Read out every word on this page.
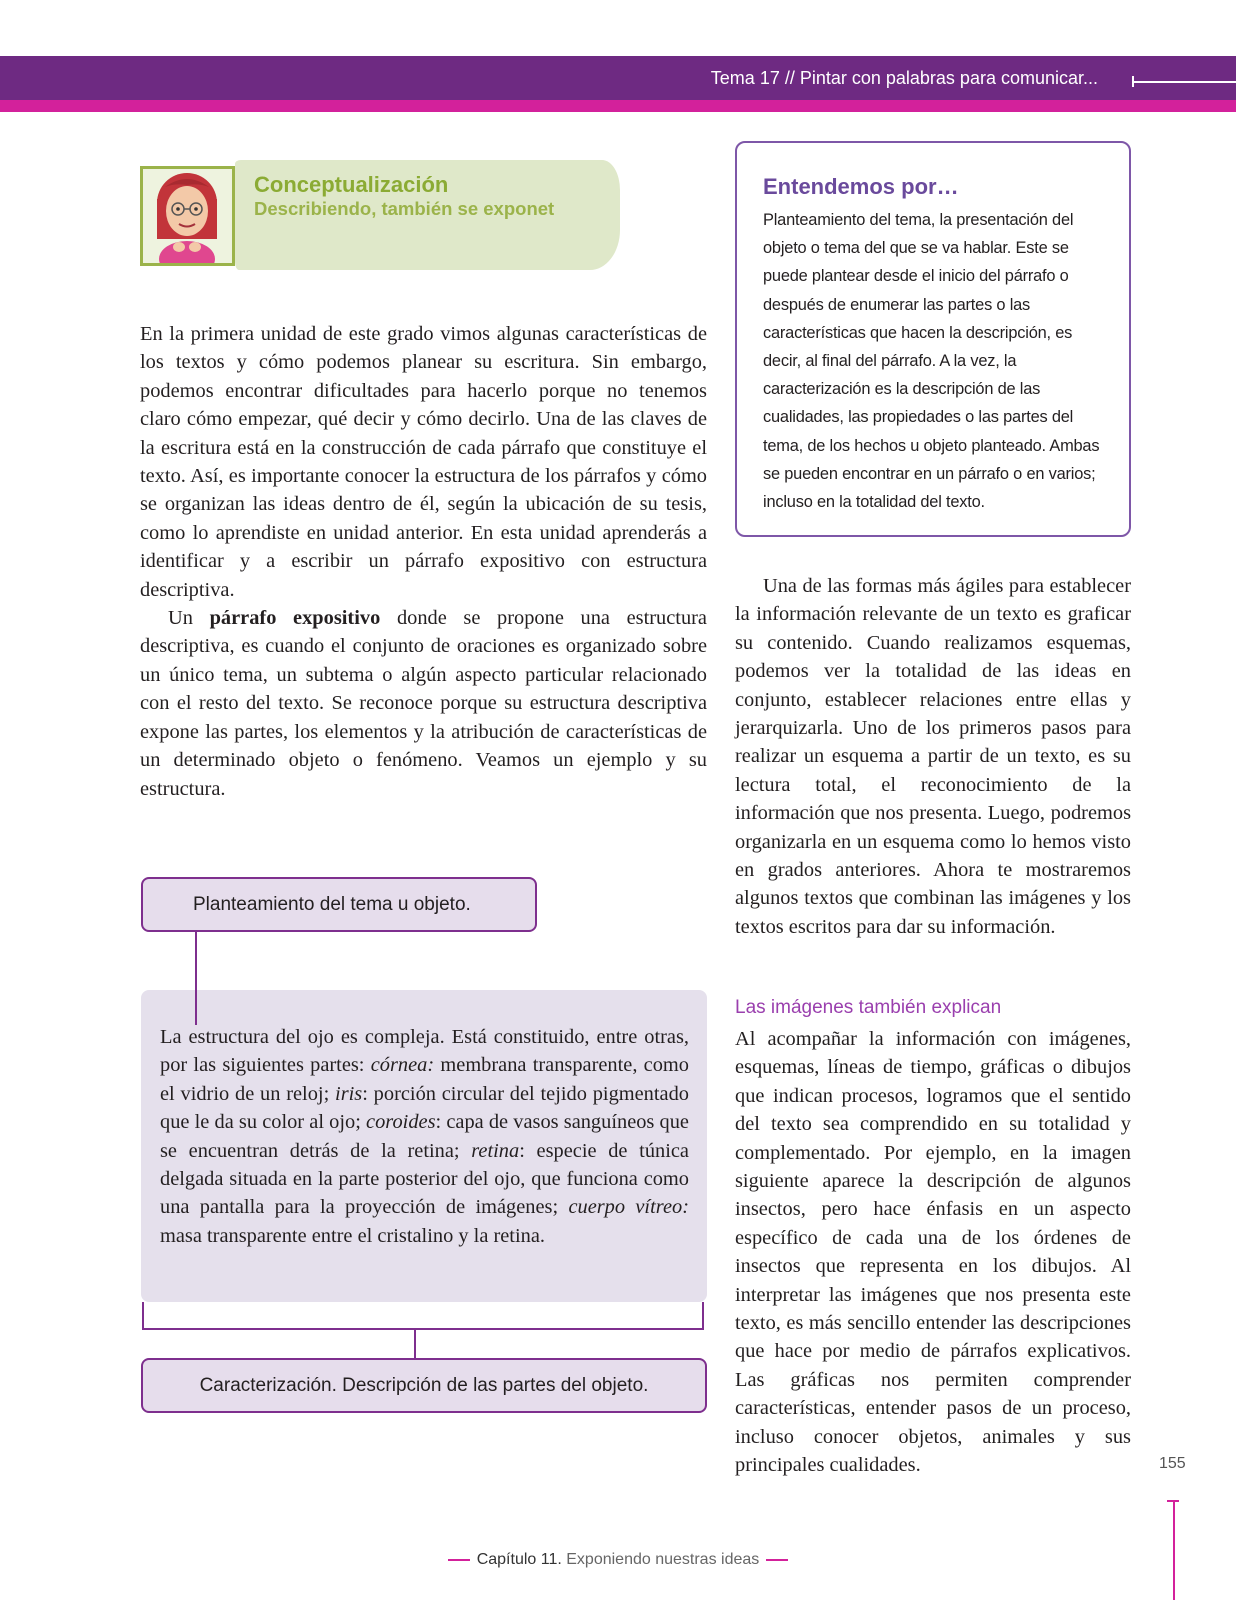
Tema 17 // Pintar con palabras para comunicar...
Conceptualización
Describiendo, también se exponet

En la primera unidad de este grado vimos algunas características de los textos y cómo podemos planear su escritura. Sin embargo, podemos encontrar dificultades para hacerlo porque no tenemos claro cómo empezar, qué decir y cómo decirlo. Una de las claves de la escritura está en la construcción de cada párrafo que constituye el texto. Así, es importante conocer la estructura de los párrafos y cómo se organizan las ideas dentro de él, según la ubicación de su tesis, como lo aprendiste en unidad anterior. En esta unidad aprenderás a identificar y a escribir un párrafo expositivo con estructura descriptiva.

Un párrafo expositivo donde se propone una estructura descriptiva, es cuando el conjunto de oraciones es organizado sobre un único tema, un subtema o algún aspecto particular relacionado con el resto del texto. Se reconoce porque su estructura descriptiva expone las partes, los elementos y la atribución de características de un determinado objeto o fenómeno. Veamos un ejemplo y su estructura.

Planteamiento del tema u objeto.

La estructura del ojo es compleja. Está constituido, entre otras, por las siguientes partes: córnea: membrana transparente, como el vidrio de un reloj; iris: porción circular del tejido pigmentado que le da su color al ojo; coroides: capa de vasos sanguíneos que se encuentran detrás de la retina; retina: especie de túnica delgada situada en la parte posterior del ojo, que funciona como una pantalla para la proyección de imágenes; cuerpo vítreo: masa transparente entre el cristalino y la retina.

Caracterización. Descripción de las partes del objeto.
Entendemos por…

Planteamiento del tema, la presentación del objeto o tema del que se va hablar. Este se puede plantear desde el inicio del párrafo o después de enumerar las partes o las características que hacen la descripción, es decir, al final del párrafo. A la vez, la caracterización es la descripción de las cualidades, las propiedades o las partes del tema, de los hechos u objeto planteado. Ambas se pueden encontrar en un párrafo o en varios; incluso en la totalidad del texto.

Una de las formas más ágiles para establecer la información relevante de un texto es graficar su contenido. Cuando realizamos esquemas, podemos ver la totalidad de las ideas en conjunto, establecer relaciones entre ellas y jerarquizarla. Uno de los primeros pasos para realizar un esquema a partir de un texto, es su lectura total, el reconocimiento de la información que nos presenta. Luego, podremos organizarla en un esquema como lo hemos visto en grados anteriores. Ahora te mostraremos algunos textos que combinan las imágenes y los textos escritos para dar su información.

Las imágenes también explican

Al acompañar la información con imágenes, esquemas, líneas de tiempo, gráficas o dibujos que indican procesos, logramos que el sentido del texto sea comprendido en su totalidad y complementado. Por ejemplo, en la imagen siguiente aparece la descripción de algunos insectos, pero hace énfasis en un aspecto específico de cada una de los órdenes de insectos que representa en los dibujos. Al interpretar las imágenes que nos presenta este texto, es más sencillo entender las descripciones que hace por medio de párrafos explicativos. Las gráficas nos permiten comprender características, entender pasos de un proceso, incluso conocer objetos, animales y sus principales cualidades.	155
Capítulo 11. Exponiendo nuestras ideas
